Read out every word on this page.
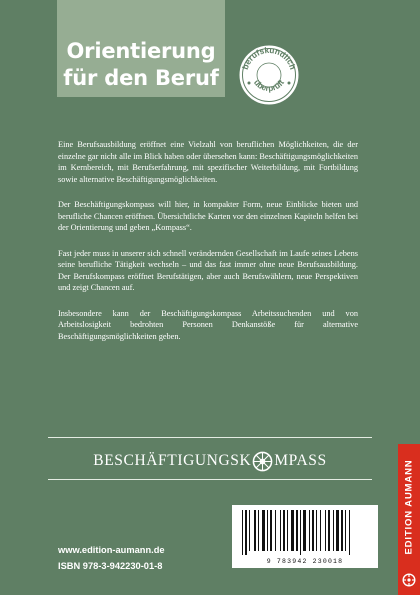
Orientierung
für den Beruf	berufskundlich
überprüft

Eine Berufsausbildung eröffnet eine Vielzahl von beruflichen Möglichkeiten, die der einzelne gar nicht alle im Blick haben oder übersehen kann: Beschäftigungsmöglichkeiten im Kernbereich, mit Berufserfahrung, mit spezifischer Weiterbildung, mit Fortbildung sowie alternative Beschäftigungsmöglichkeiten.

Der Beschäftigungskompass will hier, in kompakter Form, neue Einblicke bieten und berufliche Chancen eröffnen. Übersichtliche Karten vor den einzelnen Kapiteln helfen bei der Orientierung und geben „Kompass“.

Fast jeder muss in unserer sich schnell verändernden Gesellschaft im Laufe seines Lebens seine berufliche Tätigkeit wechseln – und das fast immer ohne neue Berufsausbildung. Der Berufskompass eröffnet Berufstätigen, aber auch Berufswählern, neue Perspektiven und zeigt Chancen auf.

Insbesondere kann der Beschäftigungskompass Arbeitssuchenden und von Arbeitslosigkeit bedrohten Personen Denkanstöße für alternative Beschäftigungsmöglichkeiten geben.

BESCHÄFTIGUNGSK MPASS
9 783942 230018
www.edition-aumann.de
ISBN 978-3-942230-01-8
EDITION AUMANN
